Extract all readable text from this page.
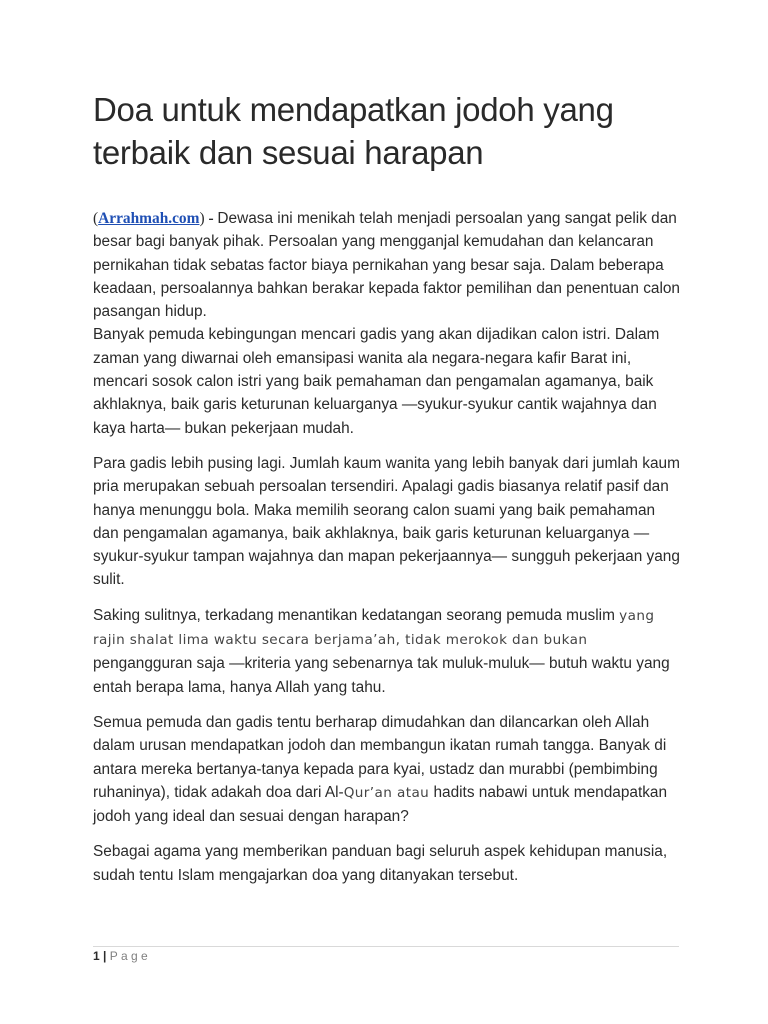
Doa untuk mendapatkan jodoh yang terbaik dan sesuai harapan

(Arrahmah.com) - Dewasa ini menikah telah menjadi persoalan yang sangat pelik dan besar bagi banyak pihak. Persoalan yang mengganjal kemudahan dan kelancaran pernikahan tidak sebatas factor biaya pernikahan yang besar saja. Dalam beberapa keadaan, persoalannya bahkan berakar kepada faktor pemilihan dan penentuan calon pasangan hidup.

Banyak pemuda kebingungan mencari gadis yang akan dijadikan calon istri. Dalam zaman yang diwarnai oleh emansipasi wanita ala negara-negara kafir Barat ini, mencari sosok calon istri yang baik pemahaman dan pengamalan agamanya, baik akhlaknya, baik garis keturunan keluarganya —syukur-syukur cantik wajahnya dan kaya harta— bukan pekerjaan mudah.

Para gadis lebih pusing lagi. Jumlah kaum wanita yang lebih banyak dari jumlah kaum pria merupakan sebuah persoalan tersendiri. Apalagi gadis biasanya relatif pasif dan hanya menunggu bola. Maka memilih seorang calon suami yang baik pemahaman dan pengamalan agamanya, baik akhlaknya, baik garis keturunan keluarganya —syukur-syukur tampan wajahnya dan mapan pekerjaannya— sungguh pekerjaan yang sulit.

Saking sulitnya, terkadang menantikan kedatangan seorang pemuda muslim yang rajin shalat lima waktu secara berjama’ah, tidak merokok dan bukan pengangguran saja —kriteria yang sebenarnya tak muluk-muluk— butuh waktu yang entah berapa lama, hanya Allah yang tahu.

Semua pemuda dan gadis tentu berharap dimudahkan dan dilancarkan oleh Allah dalam urusan mendapatkan jodoh dan membangun ikatan rumah tangga. Banyak di antara mereka bertanya-tanya kepada para kyai, ustadz dan murabbi (pembimbing ruhaninya), tidak adakah doa dari Al-Qur’an atau hadits nabawi untuk mendapatkan jodoh yang ideal dan sesuai dengan harapan?

Sebagai agama yang memberikan panduan bagi seluruh aspek kehidupan manusia, sudah tentu Islam mengajarkan doa yang ditanyakan tersebut.

1 | Page
